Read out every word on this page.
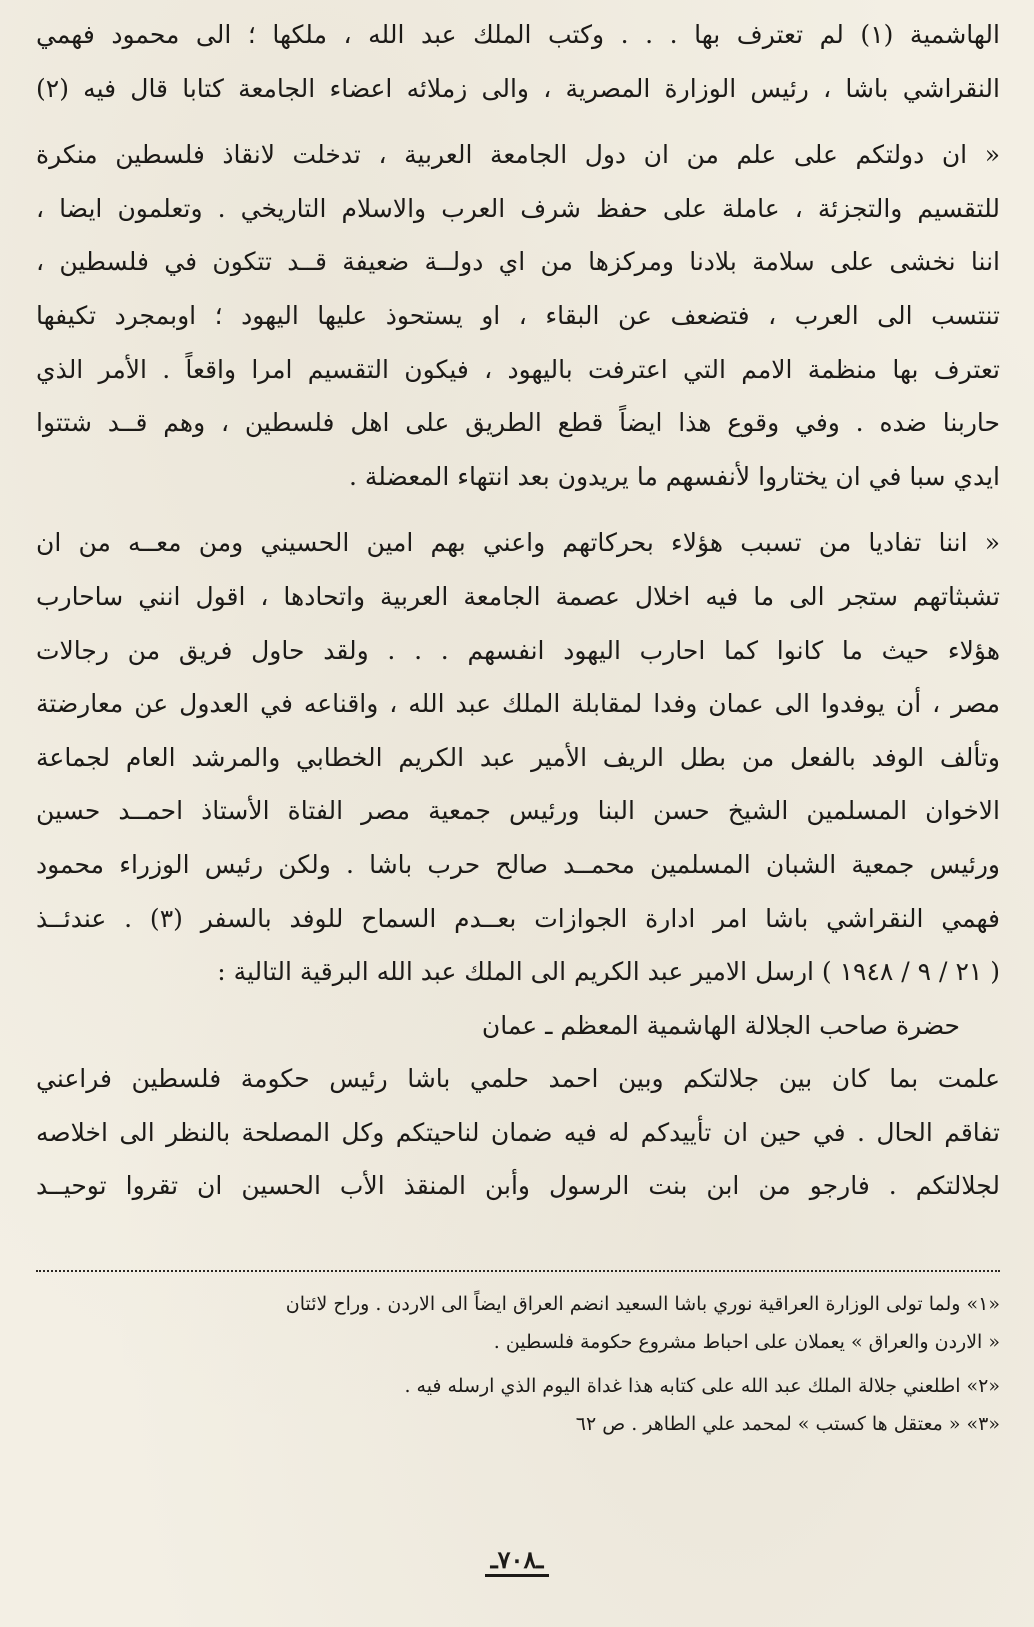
الهاشمية (١) لم تعترف بها . . . وكتب الملك عبد الله ، ملكها ؛ الى محمود فهمي
النقراشي باشا ، رئيس الوزارة المصرية ، والى زملائه اعضاء الجامعة كتابا قال فيه (٢)

« ان دولتكم على علم من ان دول الجامعة العربية ، تدخلت لانقاذ فلسطين منكرة
للتقسيم والتجزئة ، عاملة على حفظ شرف العرب والاسلام التاريخي . وتعلمون ايضا ،
اننا نخشى على سلامة بلادنا ومركزها من اي دولــة ضعيفة قــد تتكون في فلسطين ،
تنتسب الى العرب ، فتضعف عن البقاء ، او يستحوذ عليها اليهود ؛ اوبمجرد تكيفها
تعترف بها منظمة الامم التي اعترفت باليهود ، فيكون التقسيم امرا واقعاً . الأمر الذي
حاربنا ضده . وفي وقوع هذا ايضاً قطع الطريق على اهل فلسطين ، وهم قــد شتتوا
ايدي سبا في ان يختاروا لأنفسهم ما يريدون بعد انتهاء المعضلة .

« اننا تفاديا من تسبب هؤلاء بحركاتهم واعني بهم امين الحسيني ومن معــه من ان
تشبثاتهم ستجر الى ما فيه اخلال عصمة الجامعة العربية واتحادها ، اقول انني ساحارب
هؤلاء حيث ما كانوا كما احارب اليهود انفسهم . . . ولقد حاول فريق من رجالات
مصر ، أن يوفدوا الى عمان وفدا لمقابلة الملك عبد الله ، واقناعه في العدول عن معارضتة
وتألف الوفد بالفعل من بطل الريف الأمير عبد الكريم الخطابي والمرشد العام لجماعة
الاخوان المسلمين الشيخ حسن البنا ورئيس جمعية مصر الفتاة الأستاذ احمــد حسين
ورئيس جمعية الشبان المسلمين محمــد صالح حرب باشا . ولكن رئيس الوزراء محمود
فهمي النقراشي باشا امر ادارة الجوازات بعــدم السماح للوفد بالسفر (٣) . عندئــذ
( ٢١ / ٩ / ١٩٤٨ ) ارسل الامير عبد الكريم الى الملك عبد الله البرقية التالية :

حضرة صاحب الجلالة الهاشمية المعظم ـ عمان

علمت بما كان بين جلالتكم وبين احمد حلمي باشا رئيس حكومة فلسطين فراعني
تفاقم الحال . في حين ان تأييدكم له فيه ضمان لناحيتكم وكل المصلحة بالنظر الى اخلاصه
لجلالتكم . فارجو من ابن بنت الرسول وأبن المنقذ الأب الحسين ان تقروا توحيــد

«١» ولما تولى الوزارة العراقية نوري باشا السعيد انضم العراق ايضاً الى الاردن . وراح لائتان

« الاردن والعراق » يعملان على احباط مشروع حكومة فلسطين .

«٢» اطلعني جلالة الملك عبد الله على كتابه هذا غداة اليوم الذي ارسله فيه .

«٣» « معتقل ها كستب » لمحمد علي الطاهر . ص ٦٢

ـ٧٠٨ـ
